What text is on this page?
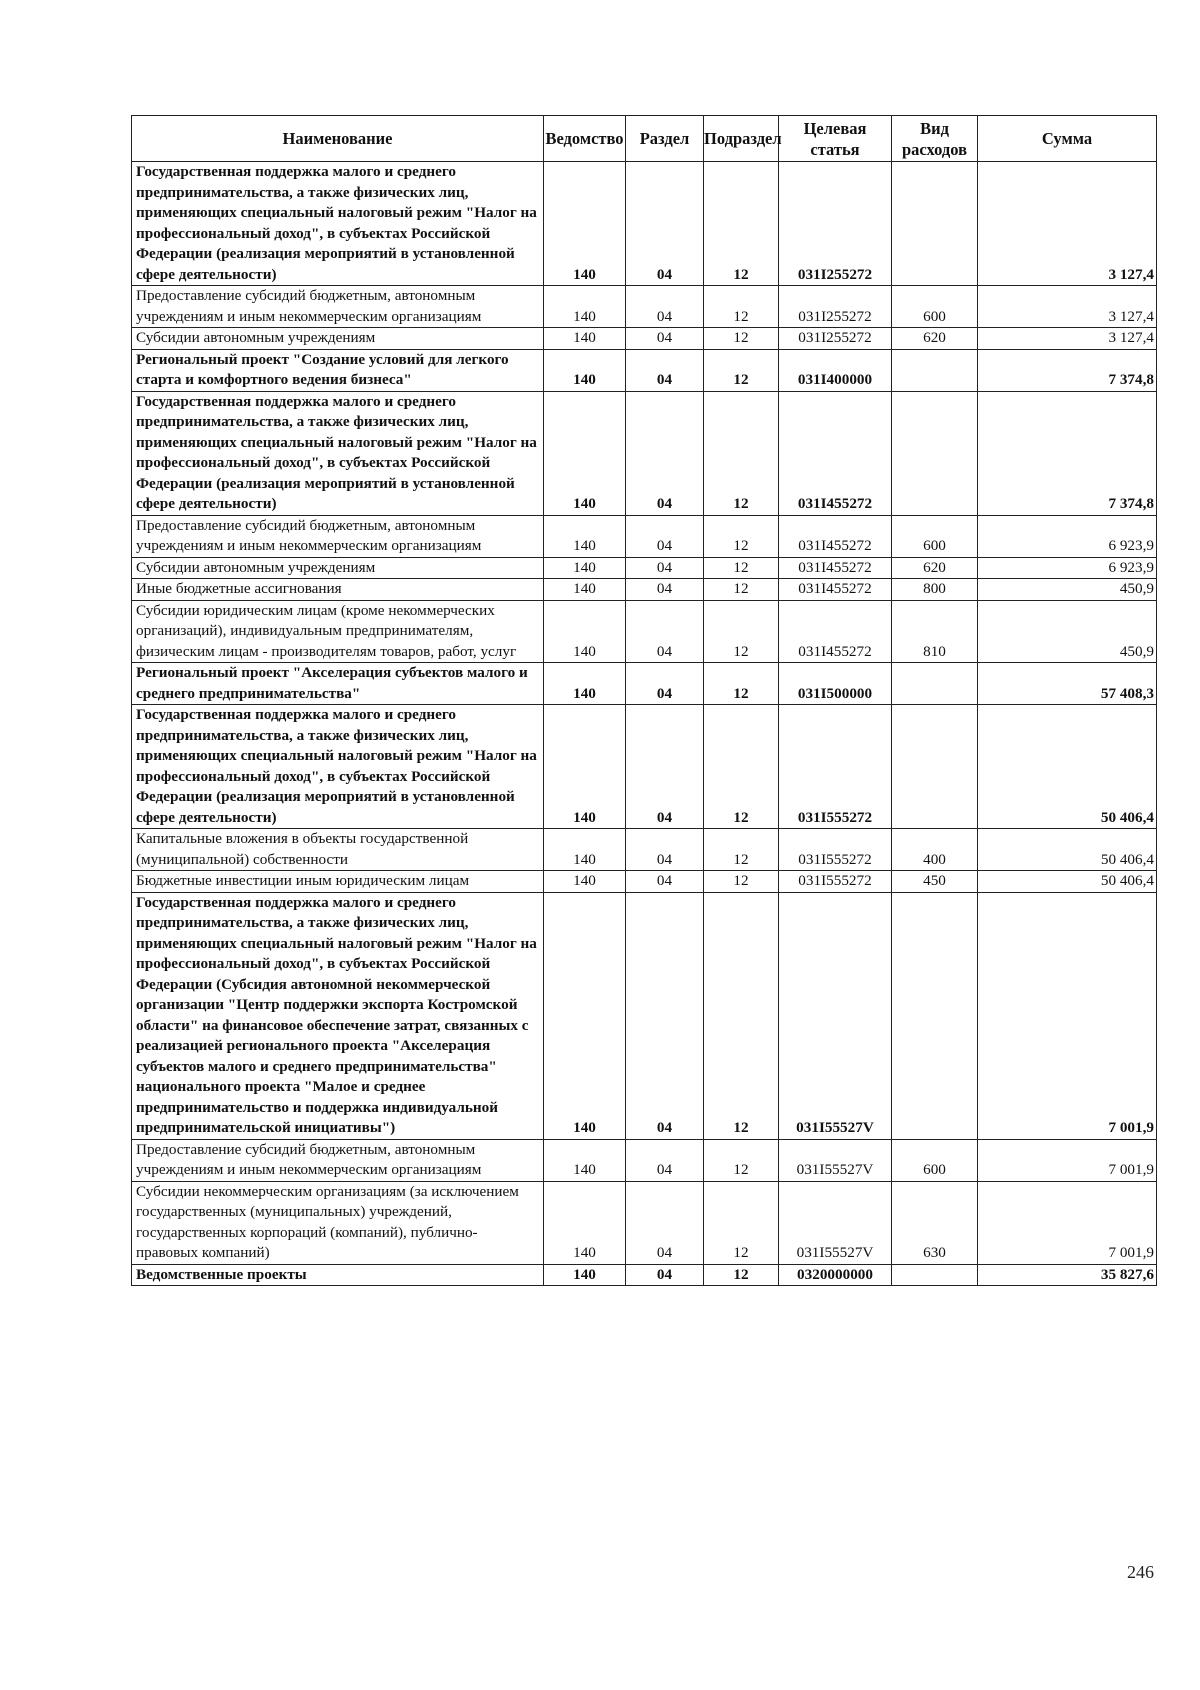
Наименование	Ведомство	Раздел	Подраздел	Целевая статья	Вид расходов	Сумма
Государственная поддержка малого и среднего предпринимательства, а также физических лиц, применяющих специальный налоговый режим "Налог на профессиональный доход", в субъектах Российской Федерации (реализация мероприятий в установленной сфере деятельности)	140	04	12	031I255272		3 127,4
Предоставление субсидий бюджетным, автономным учреждениям и иным некоммерческим организациям	140	04	12	031I255272	600	3 127,4
Субсидии автономным учреждениям	140	04	12	031I255272	620	3 127,4
Региональный проект "Создание условий для легкого старта и комфортного ведения бизнеса"	140	04	12	031I400000		7 374,8
Государственная поддержка малого и среднего предпринимательства, а также физических лиц, применяющих специальный налоговый режим "Налог на профессиональный доход", в субъектах Российской Федерации (реализация мероприятий в установленной сфере деятельности)	140	04	12	031I455272		7 374,8
Предоставление субсидий бюджетным, автономным учреждениям и иным некоммерческим организациям	140	04	12	031I455272	600	6 923,9
Субсидии автономным учреждениям	140	04	12	031I455272	620	6 923,9
Иные бюджетные ассигнования	140	04	12	031I455272	800	450,9
Субсидии юридическим лицам (кроме некоммерческих организаций), индивидуальным предпринимателям, физическим лицам - производителям товаров, работ, услуг	140	04	12	031I455272	810	450,9
Региональный проект "Акселерация субъектов малого и среднего предпринимательства"	140	04	12	031I500000		57 408,3
Государственная поддержка малого и среднего предпринимательства, а также физических лиц, применяющих специальный налоговый режим "Налог на профессиональный доход", в субъектах Российской Федерации (реализация мероприятий в установленной сфере деятельности)	140	04	12	031I555272		50 406,4
Капитальные вложения в объекты государственной (муниципальной) собственности	140	04	12	031I555272	400	50 406,4
Бюджетные инвестиции иным юридическим лицам	140	04	12	031I555272	450	50 406,4
Государственная поддержка малого и среднего предпринимательства, а также физических лиц, применяющих специальный налоговый режим "Налог на профессиональный доход", в субъектах Российской Федерации (Субсидия автономной некоммерческой организации "Центр поддержки экспорта Костромской области" на финансовое обеспечение затрат, связанных с реализацией регионального проекта "Акселерация субъектов малого и среднего предпринимательства" национального проекта "Малое и среднее предпринимательство и поддержка индивидуальной предпринимательской инициативы")	140	04	12	031I55527V		7 001,9
Предоставление субсидий бюджетным, автономным учреждениям и иным некоммерческим организациям	140	04	12	031I55527V	600	7 001,9
Субсидии некоммерческим организациям (за исключением государственных (муниципальных) учреждений, государственных корпораций (компаний), публично-правовых компаний)	140	04	12	031I55527V	630	7 001,9
Ведомственные проекты	140	04	12	0320000000		35 827,6
246
